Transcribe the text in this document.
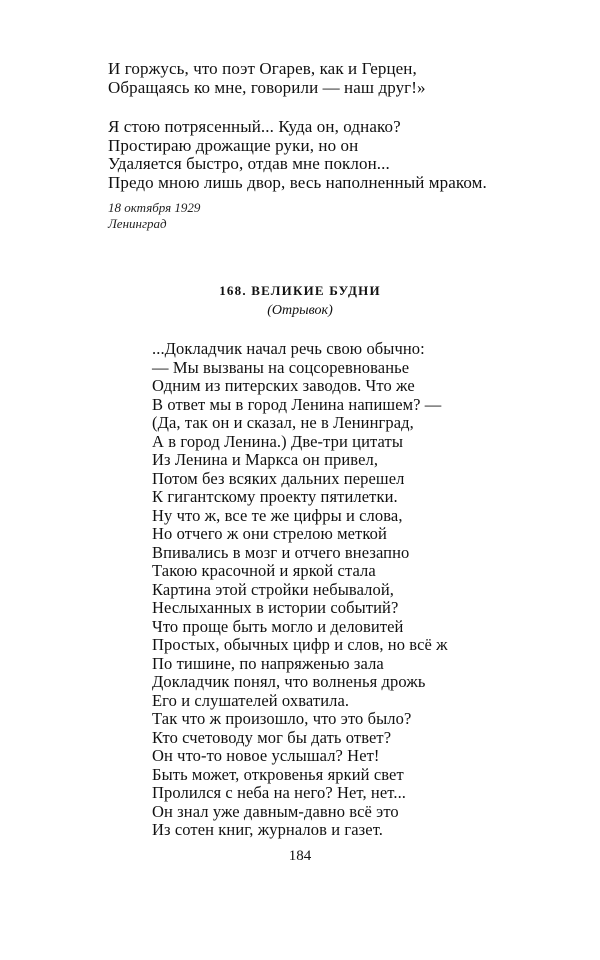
И горжусь, что поэт Огарев, как и Герцен,
Обращаясь ко мне, говорили — наш друг!»
Я стою потрясенный... Куда он, однако?
Простираю дрожащие руки, но он
Удаляется быстро, отдав мне поклон...
Предо мною лишь двор, весь наполненный мраком.
18 октября 1929
Ленинград
168. ВЕЛИКИЕ БУДНИ
(Отрывок)
...Докладчик начал речь свою обычно:
— Мы вызваны на соцсоревнованье
Одним из питерских заводов. Что же
В ответ мы в город Ленина напишем? —
(Да, так он и сказал, не в Ленинград,
А в город Ленина.) Две-три цитаты
Из Ленина и Маркса он привел,
Потом без всяких дальних перешел
К гигантскому проекту пятилетки.
Ну что ж, все те же цифры и слова,
Но отчего ж они стрелою меткой
Впивались в мозг и отчего внезапно
Такою красочной и яркой стала
Картина этой стройки небывалой,
Неслыханных в истории событий?
Что проще быть могло и деловитей
Простых, обычных цифр и слов, но всё ж
По тишине, по напряженью зала
Докладчик понял, что волненья дрожь
Его и слушателей охватила.
Так что ж произошло, что это было?
Кто счетоводу мог бы дать ответ?
Он что-то новое услышал? Нет!
Быть может, откровенья яркий свет
Пролился с неба на него? Нет, нет...
Он знал уже давным-давно всё это
Из сотен книг, журналов и газет.
184
